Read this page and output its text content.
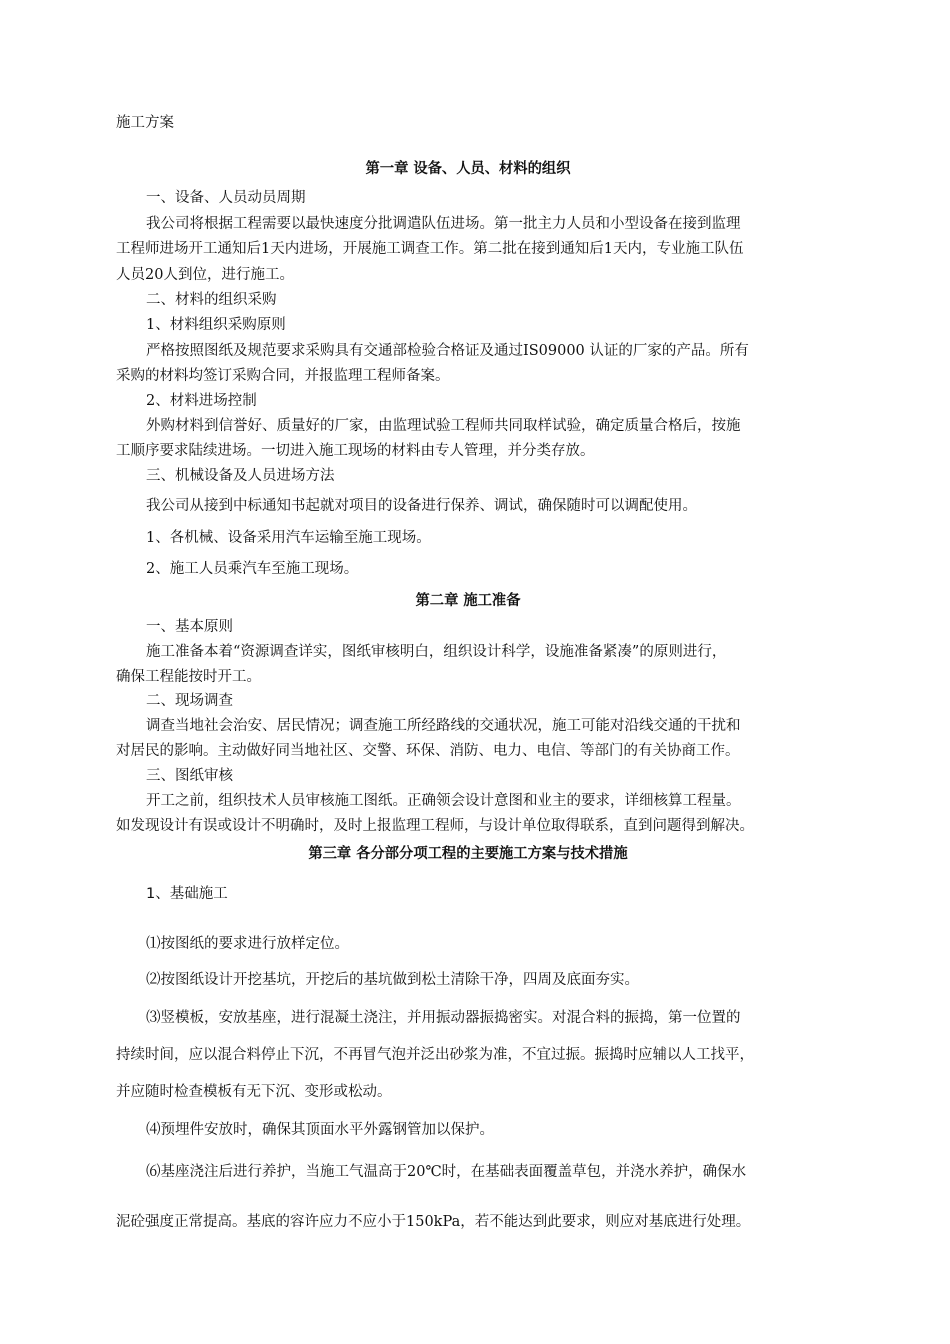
施工方案
第一章 设备、人员、材料的组织
一、设备、人员动员周期
我公司将根据工程需要以最快速度分批调遣队伍进场。第一批主力人员和小型设备在接到监理
工程师进场开工通知后1天内进场，开展施工调查工作。第二批在接到通知后1天内，专业施工队伍
人员20人到位，进行施工。
二、材料的组织采购
1、材料组织采购原则
严格按照图纸及规范要求采购具有交通部检验合格证及通过IS09000 认证的厂家的产品。所有
采购的材料均签订采购合同，并报监理工程师备案。
2、材料进场控制
外购材料到信誉好、质量好的厂家，由监理试验工程师共同取样试验，确定质量合格后，按施
工顺序要求陆续进场。一切进入施工现场的材料由专人管理，并分类存放。
三、机械设备及人员进场方法
我公司从接到中标通知书起就对项目的设备进行保养、调试，确保随时可以调配使用。
1、各机械、设备采用汽车运输至施工现场。
2、施工人员乘汽车至施工现场。
第二章 施工准备
一、基本原则
施工准备本着“资源调查详实，图纸审核明白，组织设计科学，设施准备紧凑”的原则进行，
确保工程能按时开工。
二、现场调查
调查当地社会治安、居民情况；调查施工所经路线的交通状况，施工可能对沿线交通的干扰和
对居民的影响。主动做好同当地社区、交警、环保、消防、电力、电信、等部门的有关协商工作。
三、图纸审核
开工之前，组织技术人员审核施工图纸。正确领会设计意图和业主的要求，详细核算工程量。
如发现设计有误或设计不明确时，及时上报监理工程师，与设计单位取得联系，直到问题得到解决。
第三章 各分部分项工程的主要施工方案与技术措施
1、基础施工
⑴按图纸的要求进行放样定位。
⑵按图纸设计开挖基坑，开挖后的基坑做到松土清除干净，四周及底面夯实。
⑶竖模板，安放基座，进行混凝土浇注，并用振动器振捣密实。对混合料的振捣，第一位置的
持续时间，应以混合料停止下沉，不再冒气泡并泛出砂浆为准，不宜过振。振捣时应辅以人工找平，
并应随时检查模板有无下沉、变形或松动。
⑷预埋件安放时，确保其顶面水平外露钢管加以保护。
⑹基座浇注后进行养护，当施工气温高于20℃时，在基础表面覆盖草包，并浇水养护，确保水
泥砼强度正常提高。基底的容许应力不应小于150kPa，若不能达到此要求，则应对基底进行处理。
